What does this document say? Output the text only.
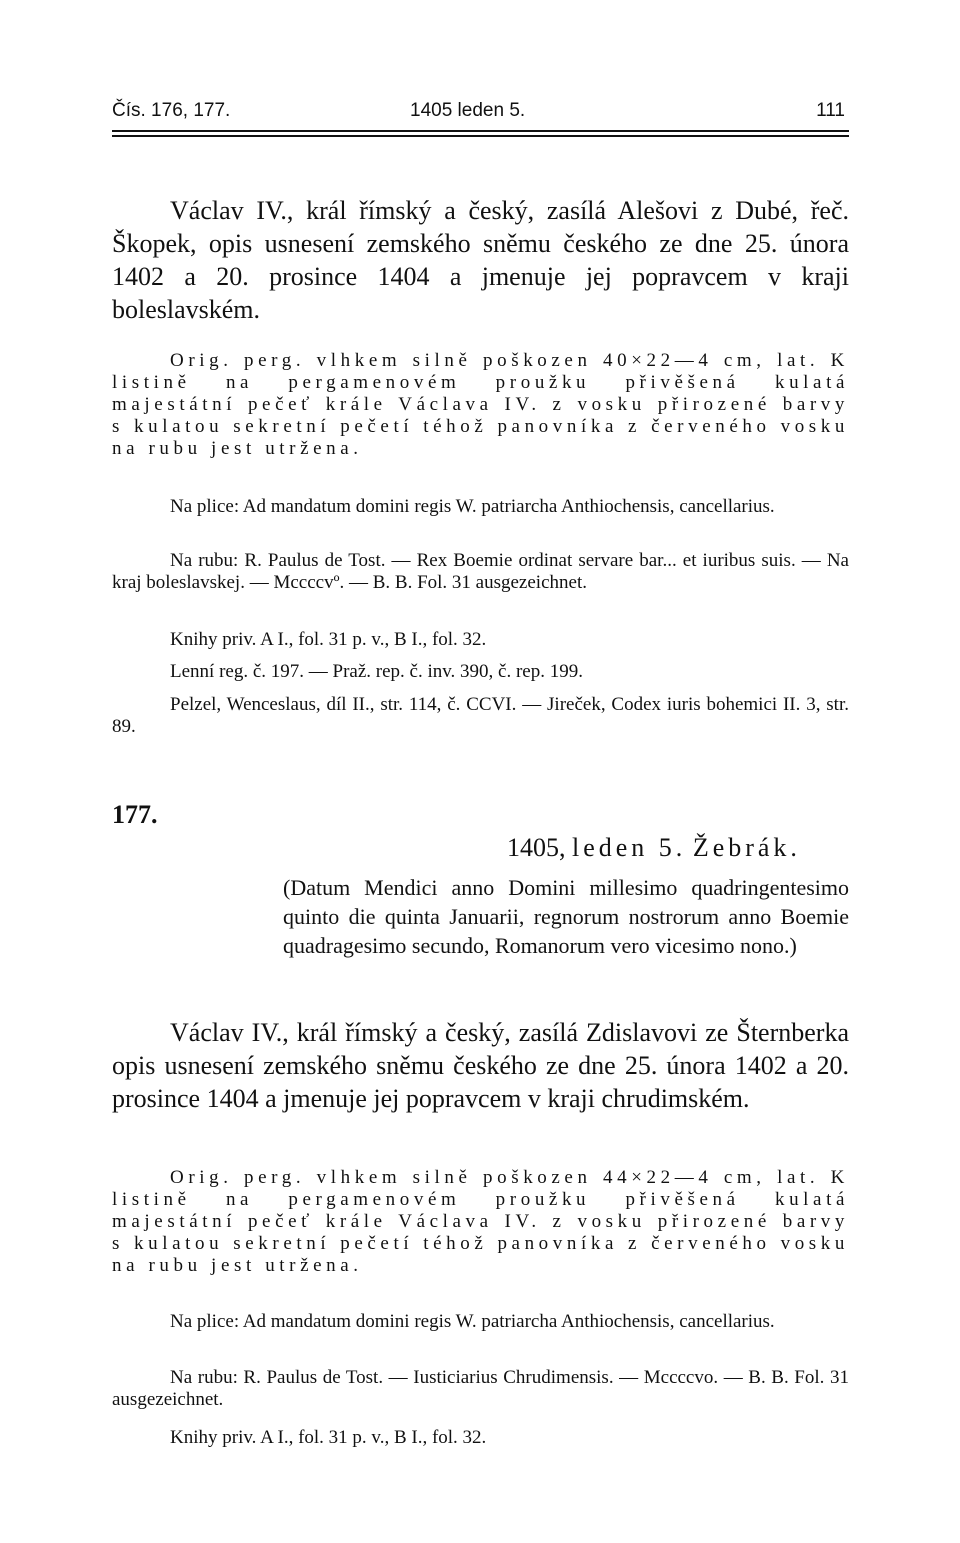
Čís. 176, 177.	1405 leden 5.	111

Václav IV., král římský a český, zasílá Alešovi z Dubé, řeč. Škopek, opis usnesení zemského sněmu českého ze dne 25. února 1402 a 20. prosince 1404 a jmenuje jej popravcem v kraji boleslavském.

Orig. perg. vlhkem silně poškozen 40×22—4 cm, lat. K listině na pergamenovém proužku přivěšená kulatá majestátní pečeť krále Václava IV. z vosku přirozené barvy s kulatou sekretní pečetí téhož panovníka z červeného vosku na rubu jest utržena.

Na plice: Ad mandatum domini regis W. patriarcha Anthiochensis, cancellarius.

Na rubu: R. Paulus de Tost. — Rex Boemie ordinat servare bar... et iuribus suis. — Na kraj boleslavskej. — Mccccvº. — B. B. Fol. 31 ausgezeichnet.

Knihy priv. A I., fol. 31 p. v., B I., fol. 32.

Lenní reg. č. 197. — Praž. rep. č. inv. 390, č. rep. 199.

Pelzel, Wenceslaus, díl II., str. 114, č. CCVI. — Jireček, Codex iuris bohemici II. 3, str. 89.

177.
1405, leden 5. Žebrák.

(Datum Mendici anno Domini millesimo quadringentesimo quinto die quinta Januarii, regnorum nostrorum anno Boemie quadragesimo secundo, Romanorum vero vicesimo nono.)

Václav IV., král římský a český, zasílá Zdislavovi ze Šternberka opis usnesení zemského sněmu českého ze dne 25. února 1402 a 20. prosince 1404 a jmenuje jej popravcem v kraji chrudimském.

Orig. perg. vlhkem silně poškozen 44×22—4 cm, lat. K listině na pergamenovém proužku přivěšená kulatá majestátní pečeť krále Václava IV. z vosku přirozené barvy s kulatou sekretní pečetí téhož panovníka z červeného vosku na rubu jest utržena.

Na plice: Ad mandatum domini regis W. patriarcha Anthiochensis, cancellarius.

Na rubu: R. Paulus de Tost. — Iusticiarius Chrudimensis. — Mccccvo. — B. B. Fol. 31 ausgezeichnet.

Knihy priv. A I., fol. 31 p. v., B I., fol. 32.
